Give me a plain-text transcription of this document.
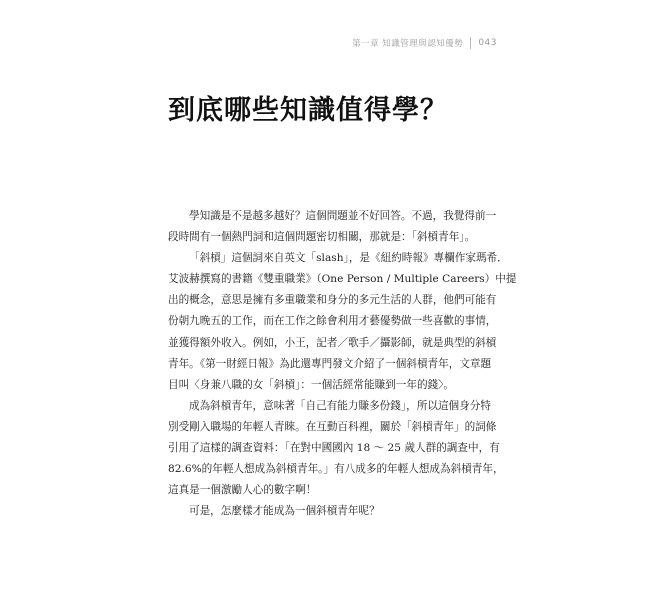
第一章 知識管理與認知優勢 043
到底哪些知識值得學？
學知識是不是越多越好？這個問題並不好回答。不過，我覺得前一
段時間有一個熱門詞和這個問題密切相關，那就是：「斜槓青年」。
「斜槓」這個詞來自英文「slash」，是《紐約時報》專欄作家瑪希．
艾波赫撰寫的書籍《雙重職業》（One Person / Multiple Careers）中提
出的概念，意思是擁有多重職業和身分的多元生活的人群，他們可能有
份朝九晚五的工作，而在工作之餘會利用才藝優勢做一些喜歡的事情，
並獲得額外收入。例如，小王，記者／歌手／攝影師，就是典型的斜槓
青年。《第一財經日報》為此還專門發文介紹了一個斜槓青年，文章題
目叫〈身兼八職的女「斜槓」：一個活經常能賺到一年的錢〉。
成為斜槓青年，意味著「自己有能力賺多份錢」，所以這個身分特
別受剛入職場的年輕人青睞。在互動百科裡，關於「斜槓青年」的詞條
引用了這樣的調查資料：「在對中國國內 18 ～ 25 歲人群的調查中，有
82.6%的年輕人想成為斜槓青年。」有八成多的年輕人想成為斜槓青年，
這真是一個激勵人心的數字啊！
可是，怎麼樣才能成為一個斜槓青年呢？
